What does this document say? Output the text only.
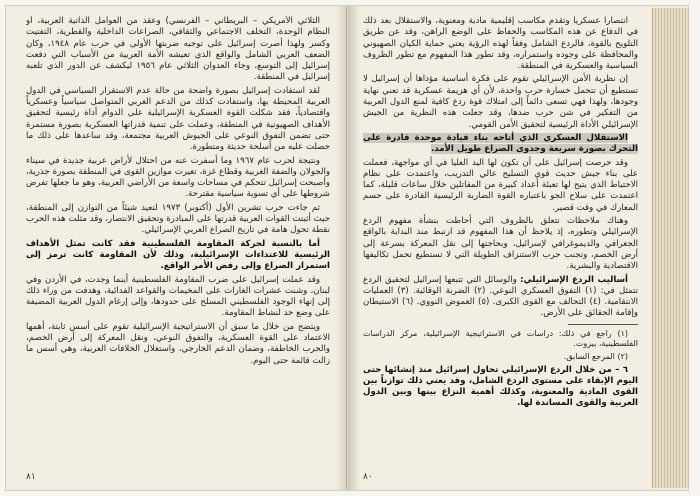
الثلاثي الأمريكي – البريطاني – الفرنسي) وعقد من العوامل الذاتية العربية، أو النظام الوحدة، التخلف الاجتماعي والثقافي، الصراعات الداخلية والقطرية، التفتيت وكسر ولهذا أصرت إسرائيل على توجيه ضربتها الأولى في حرب عام ١٩٤٨، وكان الضعف العربي الشامل والواقع الذي تعيشه الأمة العربية من الأسباب التي دفعت إسرائيل إلى التوسع، وجاء العدوان الثلاثي عام ١٩٥٦ ليكشف عن الدور الذي تلعبه إسرائيل في المنطقة.

لقد استفادت إسرائيل بصورة واضحة من حالة عدم الاستقرار السياسي في الدول العربية المحيطة بها، واستفادت كذلك من الدعم الغربي المتواصل سياسياً وعسكرياً واقتصادياً، فقد شكلت القوة العسكرية الإسرائيلية على الدوام أداة رئيسية لتحقيق الأهداف الصهيونية في المنطقة، وعملت على تنمية قدراتها العسكرية بصورة مستمرة حتى تضمن التفوق النوعي على الجيوش العربية مجتمعة، وقد ساعدها على ذلك ما حصلت عليه من أسلحة حديثة ومتطورة.

ونتيجة لحرب عام ١٩٦٧ وما أسفرت عنه من احتلال لأراض عربية جديدة في سيناء والجولان والضفة الغربية وقطاع غزة، تغيرت موازين القوى في المنطقة بصورة جذرية، وأصبحت إسرائيل تتحكم في مساحات واسعة من الأراضي العربية، وهو ما جعلها تفرض شروطها على أي تسوية سياسية مقترحة.

ثم جاءت حرب تشرين الأول (أكتوبر) ١٩٧٣ لتعيد شيئاً من التوازن إلى المنطقة، حيث أثبتت القوات العربية قدرتها على المبادرة وتحقيق الانتصار، وقد مثلت هذه الحرب نقطة تحول هامة في تاريخ الصراع العربي الإسرائيلي.

أما بالنسبة لحركة المقاومة الفلسطينية فقد كانت تمثل الأهداف الرئيسية للاعتداءات الإسرائيلية، وذلك لأن المقاومة كانت ترمز إلى استمرار الصراع وإلى رفض الأمر الواقع.

وقد عملت إسرائيل على ضرب المقاومة الفلسطينية أينما وجدت، في الأردن وفي لبنان، وشنت عشرات الغارات على المخيمات والقواعد الفدائية، وهدفت من وراء ذلك إلى إنهاء الوجود الفلسطيني المسلح على حدودها، وإلى إرغام الدول العربية المضيفة على وضع حد لنشاط المقاومة.

ويتضح من خلال ما سبق أن الاستراتيجية الإسرائيلية تقوم على أسس ثابتة، أهمها الاعتماد على القوة العسكرية، والتفوق النوعي، ونقل المعركة إلى أرض الخصم، والحرب الخاطفة، وضمان الدعم الخارجي، واستغلال الخلافات العربية، وهي أسس ما زالت قائمة حتى اليوم.

٨١

انتصارا عسكريا وتقدم مكاسب إقليمية مادية ومعنوية، والاستقلال بعد ذلك في الدفاع عن هذه المكاسب والحفاظ على الوضع الراهن، وقد عن طريق التلويح بالقوة، فالردع الشامل وفقاً لهذه الرؤية يعني حماية الكيان الصهيوني والمحافظة على وجوده واستمراره، وقد تطور هذا المفهوم مع تطور الظروف السياسية والعسكرية في المنطقة.

إن نظرية الأمن الإسرائيلي تقوم على فكرة أساسية مؤداها أن إسرائيل لا تستطيع أن تتحمل خسارة حرب واحدة، لأن أي هزيمة عسكرية قد تعني نهاية وجودها، ولهذا فهي تسعى دائماً إلى امتلاك قوة ردع كافية لمنع الدول العربية من التفكير في شن حرب ضدها، وقد جعلت هذه النظرية من الجيش الإسرائيلي الأداة الرئيسية لتحقيق الأمن القومي.

الاستقلال العسكري الذي أتاحه بناء قيادة موحدة قادرة على التحرك بصورة سريعة وجدوى الصراع طويل الأمد.

وقد حرصت إسرائيل على أن تكون لها اليد العليا في أي مواجهة، فعملت على بناء جيش حديث قوي التسليح عالي التدريب، واعتمدت على نظام الاحتياط الذي يتيح لها تعبئة أعداد كبيرة من المقاتلين خلال ساعات قليلة، كما اعتمدت على سلاح الجو باعتباره القوة الضاربة الرئيسية القادرة على حسم المعارك في وقت قصير.

وهناك ملاحظات تتعلق بالظروف التي أحاطت بنشأة مفهوم الردع الإسرائيلي وتطوره، إذ يلاحظ أن هذا المفهوم قد ارتبط منذ البداية بالواقع الجغرافي والديموغرافي لإسرائيل، وبحاجتها إلى نقل المعركة بسرعة إلى أرض الخصم، وتجنب حرب الاستنزاف الطويلة التي لا تستطيع تحمل تكاليفها الاقتصادية والبشرية.

أساليب الردع الإسرائيلي: والوسائل التي تتبعها إسرائيل لتحقيق الردع تتمثل في: (١) التفوق العسكري النوعي. (٢) الضربة الوقائية. (٣) العمليات الانتقامية. (٤) التحالف مع القوى الكبرى. (٥) الغموض النووي. (٦) الاستيطان وإقامة الحقائق على الأرض.

(١) راجع في ذلك: دراسات في الاستراتيجية الإسرائيلية، مركز الدراسات الفلسطينية، بيروت.

(٢) المرجع السابق.

٦ – من خلال الردع الإسرائيلي تحاول إسرائيل منذ إنشائها حتى اليوم الإبقاء على مستوى الردع الشامل، وقد يعني ذلك توازناً بين القوى المادية والمعنوية، وكذلك أهمية النزاع بينها وبين الدول العربية والقوى المساندة لها.

٨٠
